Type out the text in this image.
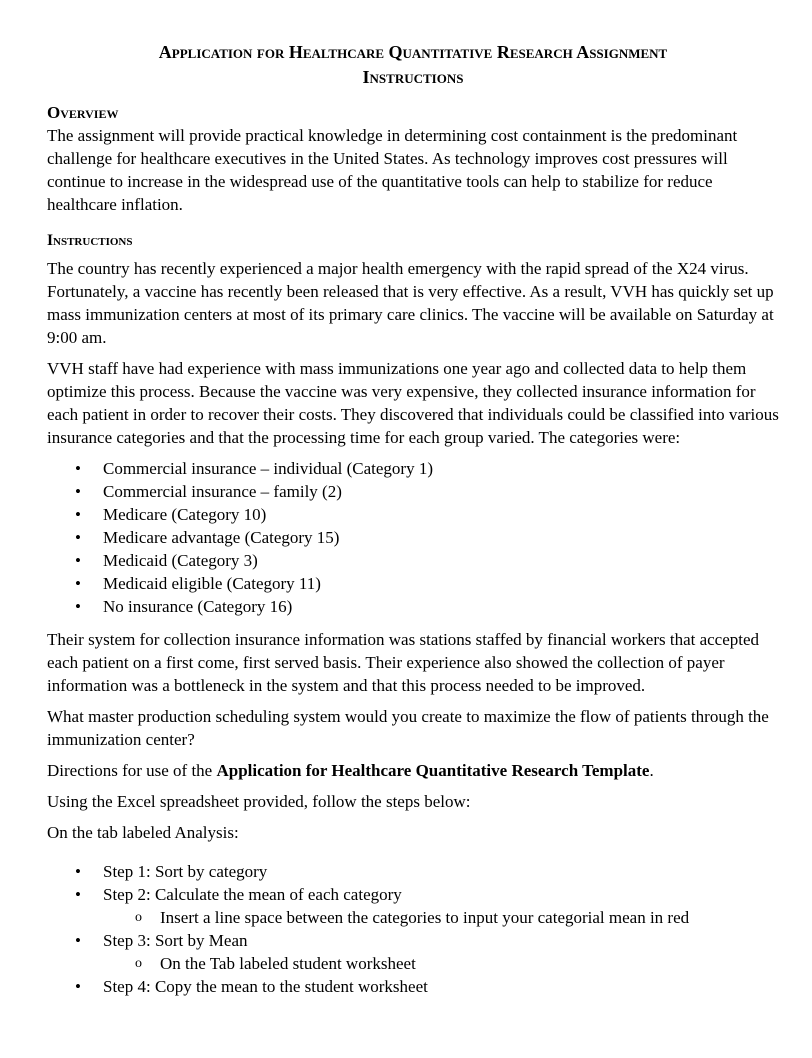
Application for Healthcare Quantitative Research Assignment
Instructions
Overview

The assignment will provide practical knowledge in determining cost containment is the predominant challenge for healthcare executives in the United States. As technology improves cost pressures will continue to increase in the widespread use of the quantitative tools can help to stabilize for reduce healthcare inflation.

Instructions

The country has recently experienced a major health emergency with the rapid spread of the X24 virus. Fortunately, a vaccine has recently been released that is very effective. As a result, VVH has quickly set up mass immunization centers at most of its primary care clinics. The vaccine will be available on Saturday at 9:00 am.

VVH staff have had experience with mass immunizations one year ago and collected data to help them optimize this process. Because the vaccine was very expensive, they collected insurance information for each patient in order to recover their costs. They discovered that individuals could be classified into various insurance categories and that the processing time for each group varied. The categories were:

• Commercial insurance – individual (Category 1)
• Commercial insurance – family (2)
• Medicare (Category 10)
• Medicare advantage (Category 15)
• Medicaid (Category 3)
• Medicaid eligible (Category 11)
• No insurance (Category 16)

Their system for collection insurance information was stations staffed by financial workers that accepted each patient on a first come, first served basis. Their experience also showed the collection of payer information was a bottleneck in the system and that this process needed to be improved.

What master production scheduling system would you create to maximize the flow of patients through the immunization center?

Directions for use of the Application for Healthcare Quantitative Research Template.

Using the Excel spreadsheet provided, follow the steps below:

On the tab labeled Analysis:

• Step 1: Sort by category
• Step 2: Calculate the mean of each category
o Insert a line space between the categories to input your categorial mean in red
• Step 3: Sort by Mean
o On the Tab labeled student worksheet
• Step 4: Copy the mean to the student worksheet
